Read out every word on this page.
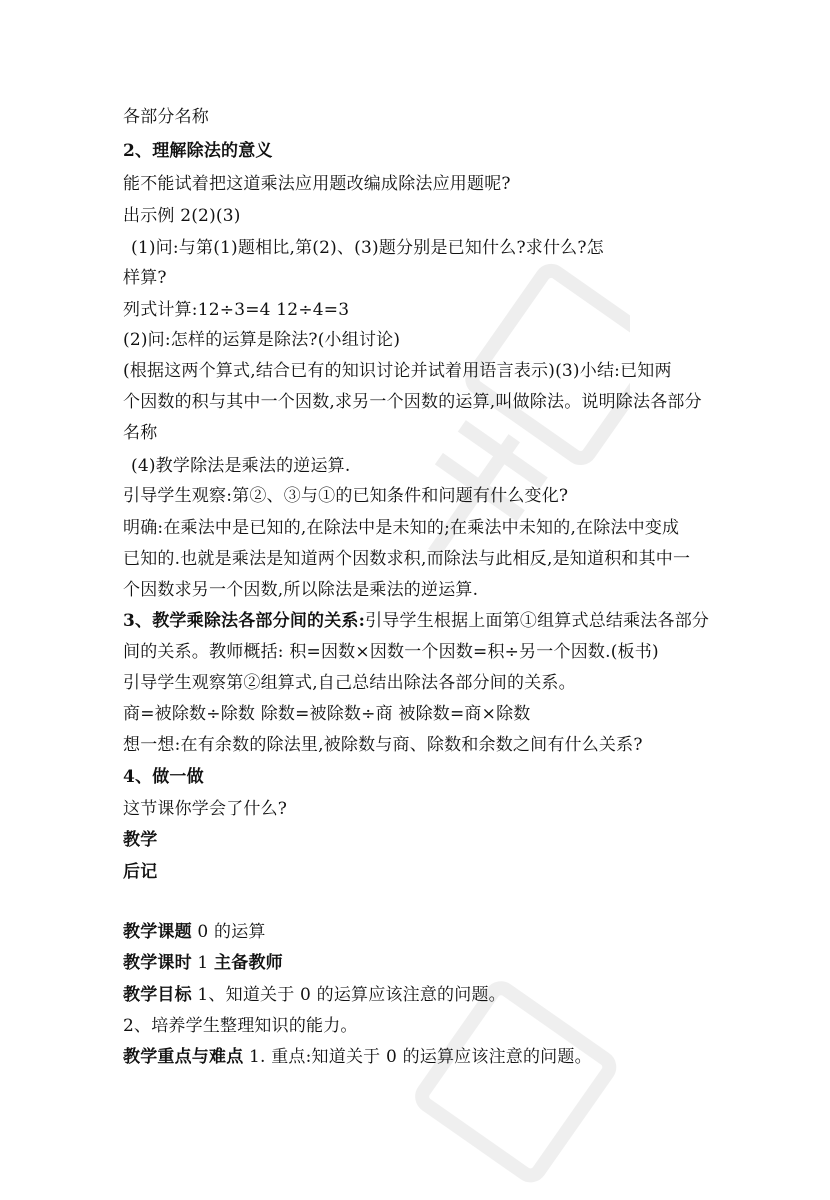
各部分名称
2、理解除法的意义
能不能试着把这道乘法应用题改编成除法应用题呢?
出示例 2(2)(3)
(1)问:与第(1)题相比,第(2)、(3)题分别是已知什么?求什么?怎
样算?
列式计算:12÷3=4 12÷4=3
(2)问:怎样的运算是除法?(小组讨论)
(根据这两个算式,结合已有的知识讨论并试着用语言表示)(3)小结:已知两
个因数的积与其中一个因数,求另一个因数的运算,叫做除法。说明除法各部分
名称
(4)教学除法是乘法的逆运算.
引导学生观察:第②、③与①的已知条件和问题有什么变化?
明确:在乘法中是已知的,在除法中是未知的;在乘法中未知的,在除法中变成
已知的.也就是乘法是知道两个因数求积,而除法与此相反,是知道积和其中一
个因数求另一个因数,所以除法是乘法的逆运算.
3、教学乘除法各部分间的关系:引导学生根据上面第①组算式总结乘法各部分
间的关系。教师概括: 积=因数×因数一个因数=积÷另一个因数.(板书)
引导学生观察第②组算式,自己总结出除法各部分间的关系。
商=被除数÷除数 除数=被除数÷商 被除数=商×除数
想一想:在有余数的除法里,被除数与商、除数和余数之间有什么关系?
4、做一做
这节课你学会了什么?
教学
后记
教学课题 0 的运算
教学课时 1 主备教师
教学目标 1、知道关于 0 的运算应该注意的问题。
2、培养学生整理知识的能力。
教学重点与难点 1. 重点:知道关于 0 的运算应该注意的问题。
